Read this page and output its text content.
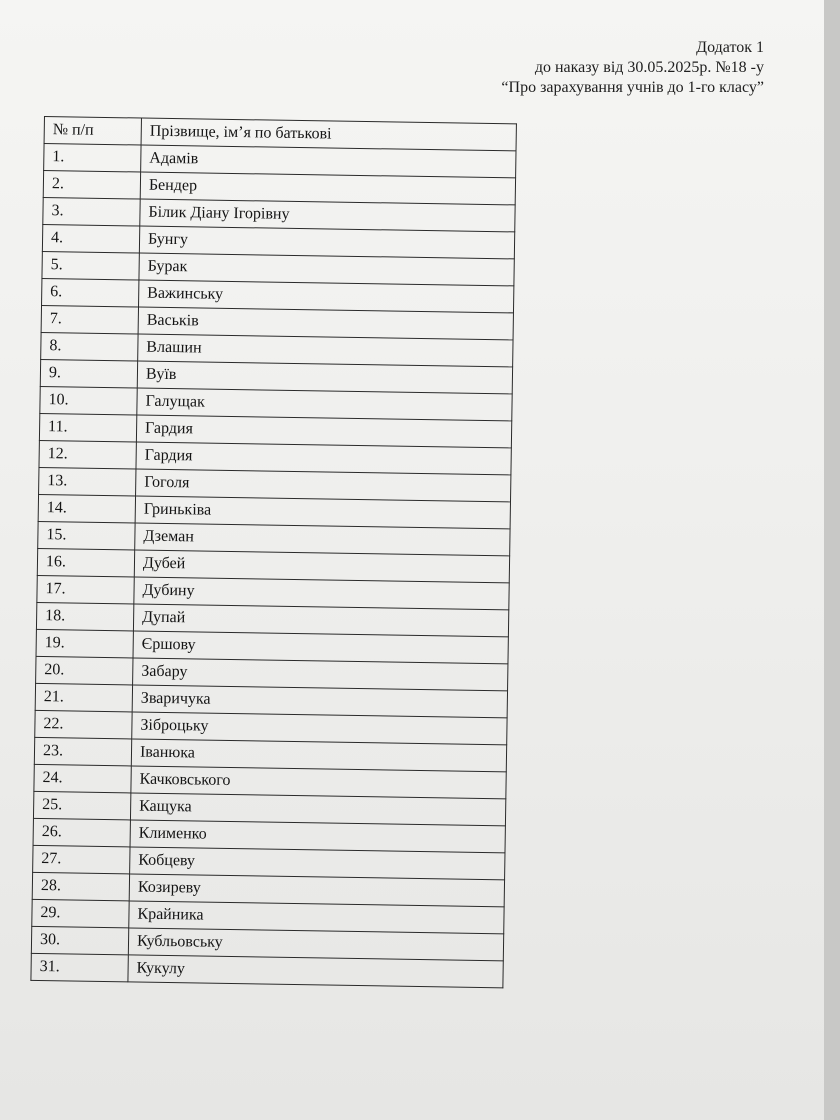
Додаток 1
до наказу від 30.05.2025р. №18 -у
“Про зарахування учнів до 1-го класу”
№ п/п	Прізвище, ім’я по батькові
1.	Адамів
2.	Бендер
3.	Білик Діану Ігорівну
4.	Бунгу
5.	Бурак
6.	Важинську
7.	Васьків
8.	Влашин
9.	Вуїв
10.	Галущак
11.	Гардия
12.	Гардия
13.	Гоголя
14.	Гриньківа
15.	Дземан
16.	Дубей
17.	Дубину
18.	Дупай
19.	Єршову
20.	Забару
21.	Зваричука
22.	Зіброцьку
23.	Іванюка
24.	Качковського
25.	Кащука
26.	Клименко
27.	Кобцеву
28.	Козиреву
29.	Крайника
30.	Кубльовську
31.	Кукулу
